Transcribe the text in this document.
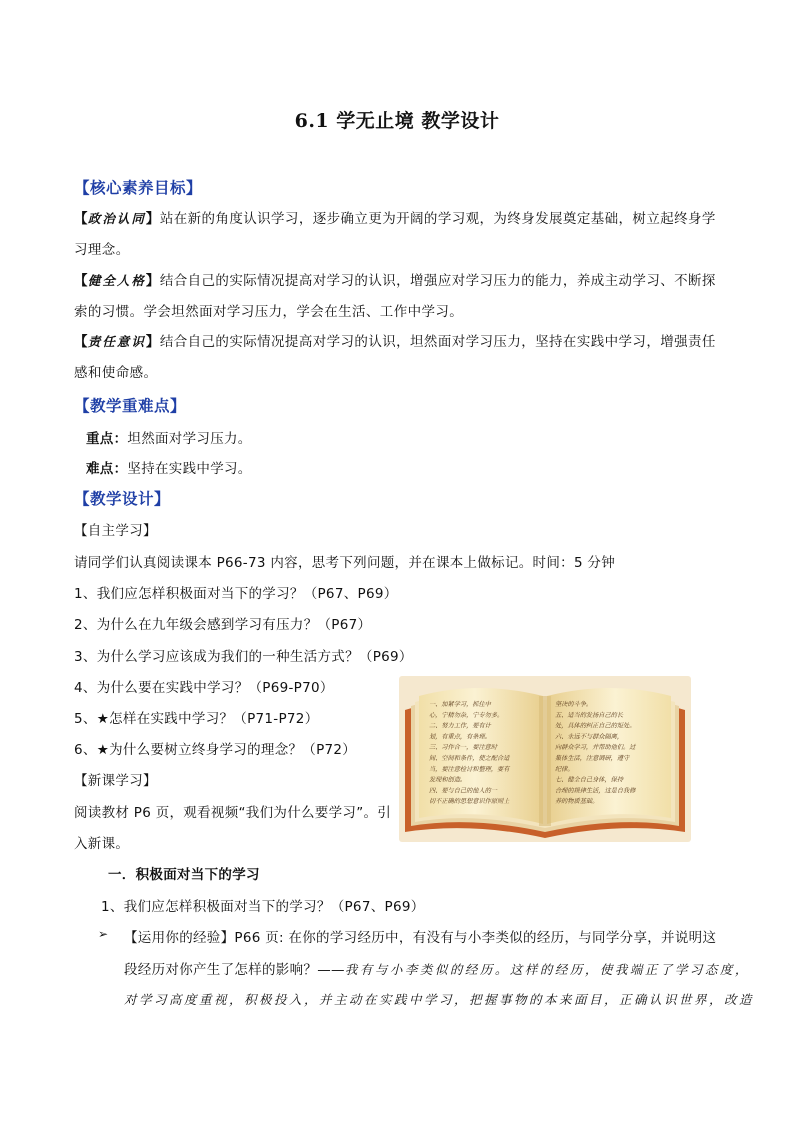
6.1 学无止境 教学设计
【核心素养目标】
【政治认同】站在新的角度认识学习，逐步确立更为开阔的学习观，为终身发展奠定基础，树立起终身学习理念。
【健全人格】结合自己的实际情况提高对学习的认识，增强应对学习压力的能力，养成主动学习、不断探索的习惯。学会坦然面对学习压力，学会在生活、工作中学习。
【责任意识】结合自己的实际情况提高对学习的认识，坦然面对学习压力，坚持在实践中学习，增强责任感和使命感。
【教学重难点】
重点：坦然面对学习压力。
难点：坚持在实践中学习。
【教学设计】
【自主学习】
请同学们认真阅读课本 P66-73 内容，思考下列问题，并在课本上做标记。时间：5 分钟
1、我们应怎样积极面对当下的学习？（P67、P69）
2、为什么在九年级会感到学习有压力？（P67）
3、为什么学习应该成为我们的一种生活方式？（P69）
4、为什么要在实践中学习？（P69-P70）
5、★怎样在实践中学习？（P71-P72）
6、★为什么要树立终身学习的理念？（P72）
【新课学习】
阅读教材 P6 页，观看视频“我们为什么要学习”。引
入新课。
一、加紧学习，抓住中
心，宁精勿杂，宁专勿多。
二、努力工作，要有计
划，有重点，有条理。
三、习作合一，要注意时
间、空间和条件，使之配合适
当，要注意检讨和整理，要有
发现和创造。
四、要与自己的他人的一
切不正确的思想意识作原则上
坚决的斗争。
五、适当的发扬自己的长
处，具体的纠正自己的短处。
六、永远不与群众隔离，
向群众学习，并帮助他们。过
集体生活，注意调研，遵守
纪律。
七、健全自己身体，保持
合理的规律生活，这是自我修
养的物质基础。
一．积极面对当下的学习
1、我们应怎样积极面对当下的学习？（P67、P69）
➢ 【运用你的经验】P66 页: 在你的学习经历中，有没有与小李类似的经历，与同学分享，并说明这
段经历对你产生了怎样的影响？——我有与小李类似的经历。这样的经历，使我端正了学习态度，
对学习高度重视，积极投入，并主动在实践中学习，把握事物的本来面目，正确认识世界，改造
